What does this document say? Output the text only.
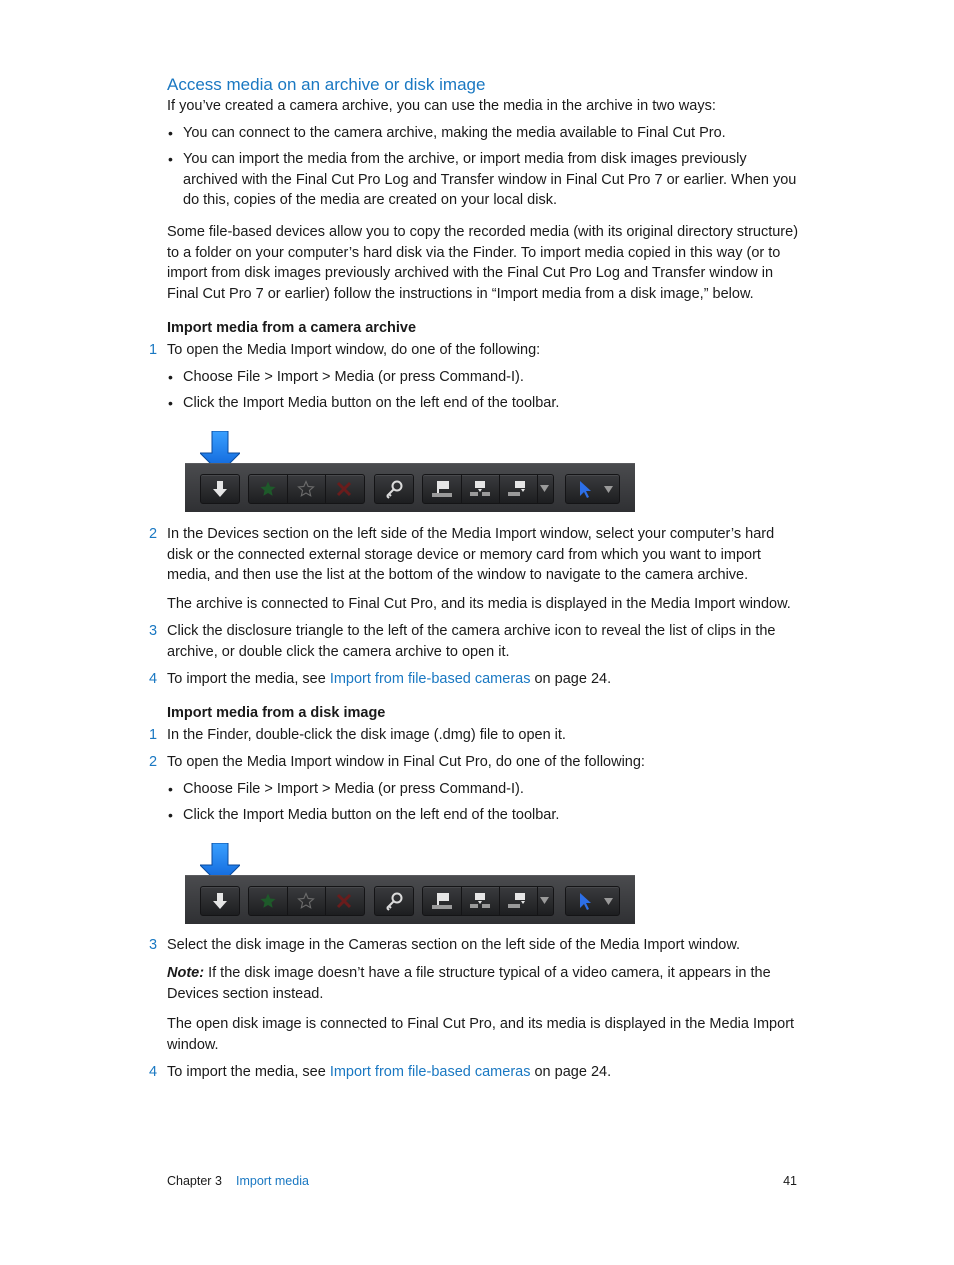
Access media on an archive or disk image

If you’ve created a camera archive, you can use the media in the archive in two ways:

• You can connect to the camera archive, making the media available to Final Cut Pro.

• You can import the media from the archive, or import media from disk images previously archived with the Final Cut Pro Log and Transfer window in Final Cut Pro 7 or earlier. When you do this, copies of the media are created on your local disk.

Some file-based devices allow you to copy the recorded media (with its original directory structure) to a folder on your computer’s hard disk via the Finder. To import media copied in this way (or to import from disk images previously archived with the Final Cut Pro Log and Transfer window in Final Cut Pro 7 or earlier) follow the instructions in “Import media from a disk image,” below.

Import media from a camera archive
1 To open the Media Import window, do one of the following:

• Choose File > Import > Media (or press Command-I).

• Click the Import Media button on the left end of the toolbar.

2 In the Devices section on the left side of the Media Import window, select your computer’s hard disk or the connected external storage device or memory card from which you want to import media, and then use the list at the bottom of the window to navigate to the camera archive.

The archive is connected to Final Cut Pro, and its media is displayed in the Media Import window.

3 Click the disclosure triangle to the left of the camera archive icon to reveal the list of clips in the archive, or double click the camera archive to open it.

4 To import the media, see Import from file-based cameras on page 24.

Import media from a disk image
1 In the Finder, double-click the disk image (.dmg) file to open it.

2 To open the Media Import window in Final Cut Pro, do one of the following:

• Choose File > Import > Media (or press Command-I).

• Click the Import Media button on the left end of the toolbar.

3 Select the disk image in the Cameras section on the left side of the Media Import window.

Note: If the disk image doesn’t have a file structure typical of a video camera, it appears in the Devices section instead.

The open disk image is connected to Final Cut Pro, and its media is displayed in the Media Import window.

4 To import the media, see Import from file-based cameras on page 24.

Chapter 3 Import media	41
